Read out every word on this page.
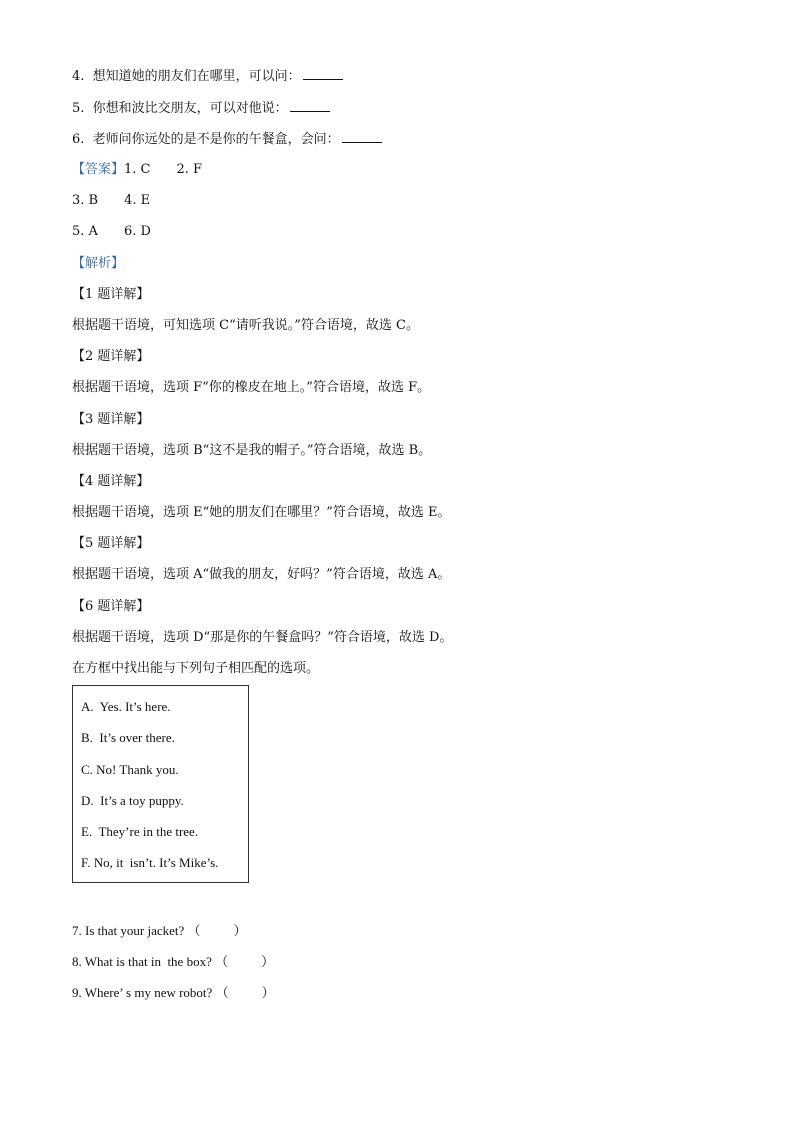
4.  想知道她的朋友们在哪里，可以问：
5.  你想和波比交朋友，可以对他说：
6.  老师问你远处的是不是你的午餐盒，会问：
【答案】1. C 2. F
3. B 4. E
5. A 6. D
【解析】
【1 题详解】
根据题干语境，可知选项 C“请听我说。”符合语境，故选 C。
【2 题详解】
根据题干语境，选项 F“你的橡皮在地上。”符合语境，故选 F。
【3 题详解】
根据题干语境，选项 B“这不是我的帽子。”符合语境，故选 B。
【4 题详解】
根据题干语境，选项 E“她的朋友们在哪里？”符合语境，故选 E。
【5 题详解】
根据题干语境，选项 A“做我的朋友，好吗？”符合语境，故选 A。
【6 题详解】
根据题干语境，选项 D“那是你的午餐盒吗？”符合语境，故选 D。
在方框中找出能与下列句子相匹配的选项。
A.  Yes. It’s here.
B.  It’s over there.
C. No! Thank you.
D.  It’s a toy puppy.
E.  They’re in the tree.
F. No, it  isn’t. It’s Mike’s.
7. Is that your jacket? （	）
8. What is that in  the box? （	）
9. Where’ s my new robot? （	）
